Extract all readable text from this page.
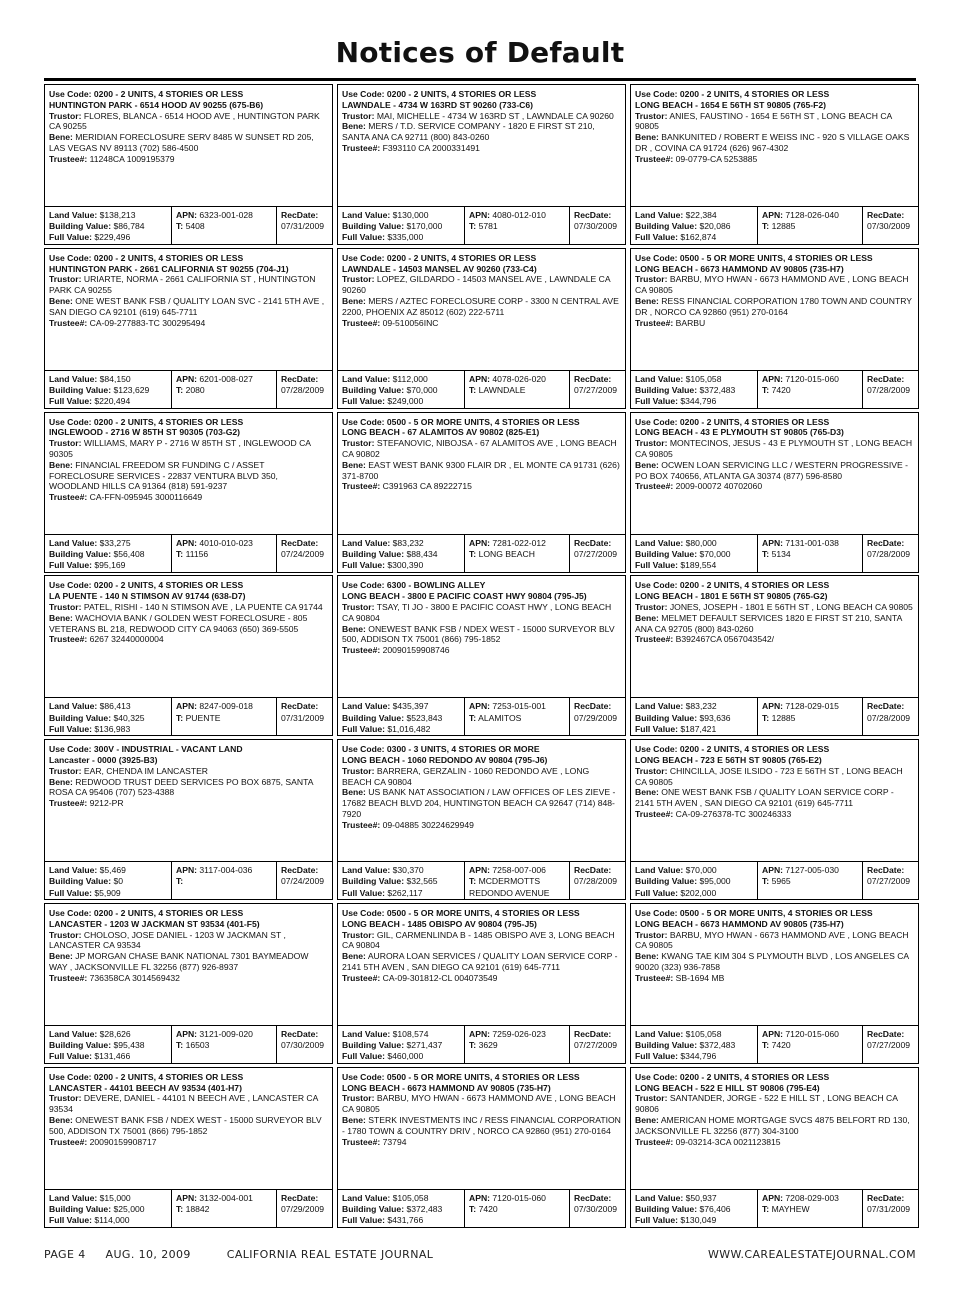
Notices of Default
Use Code: 0200 - 2 UNITS, 4 STORIES OR LESS
HUNTINGTON PARK - 6514 HOOD AV 90255 (675-B6)
Trustor: FLORES, BLANCA - 6514 HOOD AVE , HUNTINGTON PARK CA 90255
Bene: MERIDIAN FORECLOSURE SERV 8485 W SUNSET RD 205, LAS VEGAS NV 89113 (702) 586-4500
Trustee#: 11248CA 1009195379
Land Value: $138,213
Building Value: $86,784
Full Value: $229,496
APN: 6323-001-028
T: 5408
RecDate:
07/31/2009
Use Code: 0200 - 2 UNITS, 4 STORIES OR LESS
HUNTINGTON PARK - 2661 CALIFORNIA ST 90255 (704-J1)
Trustor: URIARTE, NORMA - 2661 CALIFORNIA ST , HUNTINGTON PARK CA 90255
Bene: ONE WEST BANK FSB / QUALITY LOAN SVC - 2141 5TH AVE , SAN DIEGO CA 92101 (619) 645-7711
Trustee#: CA-09-277883-TC 300295494
Land Value: $84,150
Building Value: $123,629
Full Value: $220,494
APN: 6201-008-027
T: 2080
RecDate:
07/28/2009
Use Code: 0200 - 2 UNITS, 4 STORIES OR LESS
INGLEWOOD - 2716 W 85TH ST 90305 (703-G2)
Trustor: WILLIAMS, MARY P - 2716 W 85TH ST , INGLEWOOD CA 90305
Bene: FINANCIAL FREEDOM SR FUNDING C / ASSET FORECLOSURE SERVICES - 22837 VENTURA BLVD 350, WOODLAND HILLS CA 91364 (818) 591-9237
Trustee#: CA-FFN-095945 3000116649
Land Value: $33,275
Building Value: $56,408
Full Value: $95,169
APN: 4010-010-023
T: 11156
RecDate:
07/24/2009
Use Code: 0200 - 2 UNITS, 4 STORIES OR LESS
LA PUENTE - 140 N STIMSON AV 91744 (638-D7)
Trustor: PATEL, RISHI - 140 N STIMSON AVE , LA PUENTE CA 91744
Bene: WACHOVIA BANK / GOLDEN WEST FORECLOSURE - 805 VETERANS BL 218, REDWOOD CITY CA 94063 (650) 369-5505
Trustee#: 6267 32440000004
Land Value: $86,413
Building Value: $40,325
Full Value: $136,983
APN: 8247-009-018
T: PUENTE
RecDate:
07/31/2009
Use Code: 300V - INDUSTRIAL - VACANT LAND
Lancaster - 0000 (3925-B3)
Trustor: EAR, CHENDA IM LANCASTER
Bene: REDWOOD TRUST DEED SERVICES PO BOX 6875, SANTA ROSA CA 95406 (707) 523-4388
Trustee#: 9212-PR
Land Value: $5,469
Building Value: $0
Full Value: $5,909
APN: 3117-004-036
T:
RecDate:
07/24/2009
Use Code: 0200 - 2 UNITS, 4 STORIES OR LESS
LANCASTER - 1203 W JACKMAN ST 93534 (401-F5)
Trustor: CHOLOSO, JOSE DANIEL - 1203 W JACKMAN ST , LANCASTER CA 93534
Bene: JP MORGAN CHASE BANK NATIONAL 7301 BAYMEADOW WAY , JACKSONVILLE FL 32256 (877) 926-8937
Trustee#: 736358CA 3014569432
Land Value: $28,626
Building Value: $95,438
Full Value: $131,466
APN: 3121-009-020
T: 16503
RecDate:
07/30/2009
Use Code: 0200 - 2 UNITS, 4 STORIES OR LESS
LANCASTER - 44101 BEECH AV 93534 (401-H7)
Trustor: DEVERE, DANIEL - 44101 N BEECH AVE , LANCASTER CA 93534
Bene: ONEWEST BANK FSB / NDEX WEST - 15000 SURVEYOR BLV 500, ADDISON TX 75001 (866) 795-1852
Trustee#: 20090159908717
Land Value: $15,000
Building Value: $25,000
Full Value: $114,000
APN: 3132-004-001
T: 18842
RecDate:
07/29/2009
Use Code: 0200 - 2 UNITS, 4 STORIES OR LESS
LAWNDALE - 4734 W 163RD ST 90260 (733-C6)
Trustor: MAI, MICHELLE - 4734 W 163RD ST , LAWNDALE CA 90260
Bene: MERS / T.D. SERVICE COMPANY - 1820 E FIRST ST 210, SANTA ANA CA 92711 (800) 843-0260
Trustee#: F393110 CA 2000331491
Land Value: $130,000
Building Value: $170,000
Full Value: $335,000
APN: 4080-012-010
T: 5781
RecDate:
07/30/2009
Use Code: 0200 - 2 UNITS, 4 STORIES OR LESS
LAWNDALE - 14503 MANSEL AV 90260 (733-C4)
Trustor: LOPEZ, GILDARDO - 14503 MANSEL AVE , LAWNDALE CA 90260
Bene: MERS / AZTEC FORECLOSURE CORP - 3300 N CENTRAL AVE 2200, PHOENIX AZ 85012 (602) 222-5711
Trustee#: 09-510056INC
Land Value: $112,000
Building Value: $70,000
Full Value: $249,000
APN: 4078-026-020
T: LAWNDALE
RecDate:
07/27/2009
Use Code: 0500 - 5 OR MORE UNITS, 4 STORIES OR LESS
LONG BEACH - 67 ALAMITOS AV 90802 (825-E1)
Trustor: STEFANOVIC, NIBOJSA - 67 ALAMITOS AVE , LONG BEACH CA 90802
Bene: EAST WEST BANK 9300 FLAIR DR , EL MONTE CA 91731 (626) 371-8700
Trustee#: C391963 CA 89222715
Land Value: $83,232
Building Value: $88,434
Full Value: $300,390
APN: 7281-022-012
T: LONG BEACH
RecDate:
07/27/2009
Use Code: 6300 - BOWLING ALLEY
LONG BEACH - 3800 E PACIFIC COAST HWY 90804 (795-J5)
Trustor: TSAY, TI JO - 3800 E PACIFIC COAST HWY , LONG BEACH CA 90804
Bene: ONEWEST BANK FSB / NDEX WEST - 15000 SURVEYOR BLV 500, ADDISON TX 75001 (866) 795-1852
Trustee#: 20090159908746
Land Value: $435,397
Building Value: $523,843
Full Value: $1,016,482
APN: 7253-015-001
T: ALAMITOS
RecDate:
07/29/2009
Use Code: 0300 - 3 UNITS, 4 STORIES OR MORE
LONG BEACH - 1060 REDONDO AV 90804 (795-J6)
Trustor: BARRERA, GERZALIN - 1060 REDONDO AVE , LONG BEACH CA 90804
Bene: US BANK NAT ASSOCIATION / LAW OFFICES OF LES ZIEVE - 17682 BEACH BLVD 204, HUNTINGTON BEACH CA 92647 (714) 848-7920
Trustee#: 09-04885 30224629949
Land Value: $30,370
Building Value: $32,565
Full Value: $262,117
APN: 7258-007-006
T: MCDERMOTTS REDONDO AVENUE
RecDate:
07/28/2009
Use Code: 0500 - 5 OR MORE UNITS, 4 STORIES OR LESS
LONG BEACH - 1485 OBISPO AV 90804 (795-J5)
Trustor: GIL, CARMENLINDA B - 1485 OBISPO AVE 3, LONG BEACH CA 90804
Bene: AURORA LOAN SERVICES / QUALITY LOAN SERVICE CORP - 2141 5TH AVEN , SAN DIEGO CA 92101 (619) 645-7711
Trustee#: CA-09-301812-CL 004073549
Land Value: $108,574
Building Value: $271,437
Full Value: $460,000
APN: 7259-026-023
T: 3629
RecDate:
07/27/2009
Use Code: 0500 - 5 OR MORE UNITS, 4 STORIES OR LESS
LONG BEACH - 6673 HAMMOND AV 90805 (735-H7)
Trustor: BARBU, MYO HWAN - 6673 HAMMOND AVE , LONG BEACH CA 90805
Bene: STERK INVESTMENTS INC / RESS FINANCIAL CORPORATION - 1780 TOWN & COUNTRY DRIV , NORCO CA 92860 (951) 270-0164
Trustee#: 73794
Land Value: $105,058
Building Value: $372,483
Full Value: $431,766
APN: 7120-015-060
T: 7420
RecDate:
07/30/2009
Use Code: 0200 - 2 UNITS, 4 STORIES OR LESS
LONG BEACH - 1654 E 56TH ST 90805 (765-F2)
Trustor: ANIES, FAUSTINO - 1654 E 56TH ST , LONG BEACH CA 90805
Bene: BANKUNITED / ROBERT E WEISS INC - 920 S VILLAGE OAKS DR , COVINA CA 91724 (626) 967-4302
Trustee#: 09-0779-CA 5253885
Land Value: $22,384
Building Value: $20,086
Full Value: $162,874
APN: 7128-026-040
T: 12885
RecDate:
07/30/2009
Use Code: 0500 - 5 OR MORE UNITS, 4 STORIES OR LESS
LONG BEACH - 6673 HAMMOND AV 90805 (735-H7)
Trustor: BARBU, MYO HWAN - 6673 HAMMOND AVE , LONG BEACH CA 90805
Bene: RESS FINANCIAL CORPORATION 1780 TOWN AND COUNTRY DR , NORCO CA 92860 (951) 270-0164
Trustee#: BARBU
Land Value: $105,058
Building Value: $372,483
Full Value: $344,796
APN: 7120-015-060
T: 7420
RecDate:
07/28/2009
Use Code: 0200 - 2 UNITS, 4 STORIES OR LESS
LONG BEACH - 43 E PLYMOUTH ST 90805 (765-D3)
Trustor: MONTECINOS, JESUS - 43 E PLYMOUTH ST , LONG BEACH CA 90805
Bene: OCWEN LOAN SERVICING LLC / WESTERN PROGRESSIVE - PO BOX 740656, ATLANTA GA 30374 (877) 596-8580
Trustee#: 2009-00072 40702060
Land Value: $80,000
Building Value: $70,000
Full Value: $189,554
APN: 7131-001-038
T: 5134
RecDate:
07/28/2009
Use Code: 0200 - 2 UNITS, 4 STORIES OR LESS
LONG BEACH - 1801 E 56TH ST 90805 (765-G2)
Trustor: JONES, JOSEPH - 1801 E 56TH ST , LONG BEACH CA 90805
Bene: MELMET DEFAULT SERVICES 1820 E FIRST ST 210, SANTA ANA CA 92705 (800) 843-0260
Trustee#: B392467CA 0567043542/
Land Value: $83,232
Building Value: $93,636
Full Value: $187,421
APN: 7128-029-015
T: 12885
RecDate:
07/28/2009
Use Code: 0200 - 2 UNITS, 4 STORIES OR LESS
LONG BEACH - 723 E 56TH ST 90805 (765-E2)
Trustor: CHINCILLA, JOSE ILSIDO - 723 E 56TH ST , LONG BEACH CA 90805
Bene: ONE WEST BANK FSB / QUALITY LOAN SERVICE CORP - 2141 5TH AVEN , SAN DIEGO CA 92101 (619) 645-7711
Trustee#: CA-09-276378-TC 300246333
Land Value: $70,000
Building Value: $95,000
Full Value: $202,000
APN: 7127-005-030
T: 5965
RecDate:
07/27/2009
Use Code: 0500 - 5 OR MORE UNITS, 4 STORIES OR LESS
LONG BEACH - 6673 HAMMOND AV 90805 (735-H7)
Trustor: BARBU, MYO HWAN - 6673 HAMMOND AVE , LONG BEACH CA 90805
Bene: KWANG TAE KIM 304 S PLYMOUTH BLVD , LOS ANGELES CA 90020 (323) 936-7858
Trustee#: SB-1694 MB
Land Value: $105,058
Building Value: $372,483
Full Value: $344,796
APN: 7120-015-060
T: 7420
RecDate:
07/27/2009
Use Code: 0200 - 2 UNITS, 4 STORIES OR LESS
LONG BEACH - 522 E HILL ST 90806 (795-E4)
Trustor: SANTANDER, JORGE - 522 E HILL ST , LONG BEACH CA 90806
Bene: AMERICAN HOME MORTGAGE SVCS 4875 BELFORT RD 130, JACKSONVILLE FL 32256 (877) 304-3100
Trustee#: 09-03214-3CA 0021123815
Land Value: $50,937
Building Value: $76,406
Full Value: $130,049
APN: 7208-029-003
T: MAYHEW
RecDate:
07/31/2009
PAGE 4 AUG. 10, 2009	CALIFORNIA REAL ESTATE JOURNAL	WWW.CAREALESTATEJOURNAL.COM
